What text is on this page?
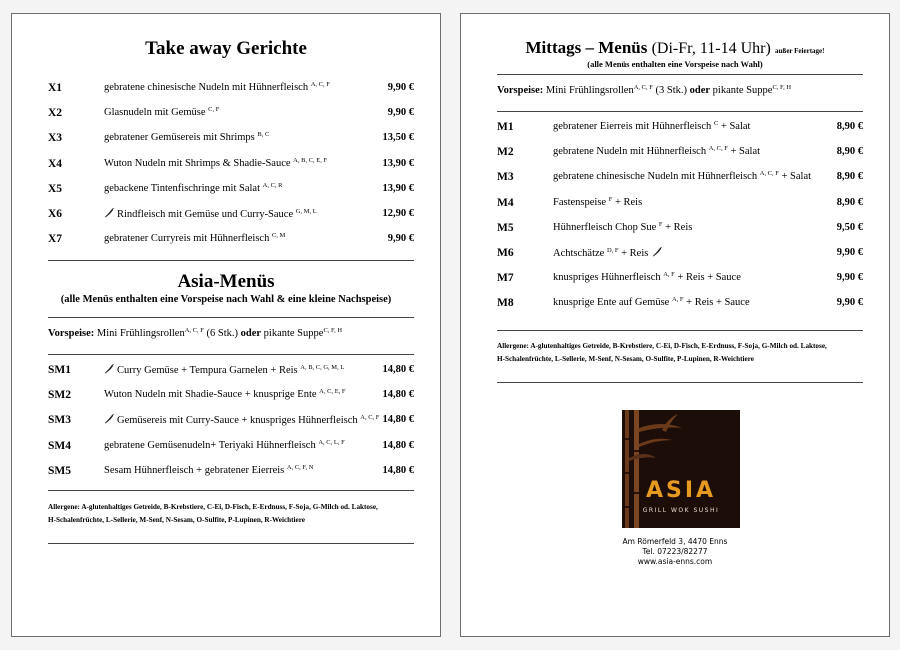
Take away Gerichte
X1	gebratene chinesische Nudeln mit Hühnerfleisch $^{A, C, F}$	9,90 €
X2	Glasnudeln mit Gemüse $^{C, F}$	9,90 €
X3	gebratener Gemüsereis mit Shrimps $^{B, C}$	13,50 €
X4	Wuton Nudeln mit Shrimps & Shadie-Sauce $^{A, B, C, E, F}$	13,90 €
X5	gebackene Tintenfischringe mit Salat $^{A, C, R}$	13,90 €
X6	Rindfleisch mit Gemüse und Curry-Sauce $^{G, M, L}$	12,90 €
X7	gebratener Curryreis mit Hühnerfleisch $^{C, M}$	9,90 €
Asia-Menüs
(alle Menüs enthalten eine Vorspeise nach Wahl & eine kleine Nachspeise)
Vorspeise: Mini Frühlingsrollen$^{A, C, F}$ (6 Stk.) oder pikante Suppe$^{C, F, H}$
SM1	Curry Gemüse + Tempura Garnelen + Reis $^{A, B, C, G, M, L}$	14,80 €
SM2	Wuton Nudeln mit Shadie-Sauce + knusprige Ente $^{A, C, E, F}$	14,80 €
SM3	Gemüsereis mit Curry-Sauce + knuspriges Hühnerfleisch $^{A, C, F}$ 14,80 €
SM4	gebratene Gemüsenudeln+ Teriyaki Hühnerfleisch $^{A, C, L, F}$	14,80 €
SM5	Sesam Hühnerfleisch + gebratener Eierreis $^{A, C, F, N}$	14,80 €
Allergene: A-glutenhaltiges Getreide, B-Krebstiere, C-Ei, D-Fisch, E-Erdnuss, F-Soja, G-Milch od. Laktose,
H-Schalenfrüchte, L-Sellerie, M-Senf, N-Sesam, O-Sulfite, P-Lupinen, R-Weichtiere
Mittags – Menüs (Di-Fr, 11-14 Uhr) außer Feiertage!
(alle Menüs enthalten eine Vorspeise nach Wahl)
Vorspeise: Mini Frühlingsrollen$^{A, C, F}$ (3 Stk.) oder pikante Suppe$^{C, F, H}$
M1	gebratener Eierreis mit Hühnerfleisch $^C$ + Salat	8,90 €
M2	gebratene Nudeln mit Hühnerfleisch $^{A, C, F}$ + Salat	8,90 €
M3	gebratene chinesische Nudeln mit Hühnerfleisch $^{A, C, F}$ + Salat 8,90 €
M4	Fastenspeise $^F$ + Reis	8,90 €
M5	Hühnerfleisch Chop Sue $^F$ + Reis	9,50 €
M6	Achtschätze $^{D, F}$ + Reis	9,90 €
M7	knuspriges Hühnerfleisch $^{A, F}$ + Reis + Sauce	9,90 €
M8	knusprige Ente auf Gemüse $^{A, F}$ + Reis + Sauce	9,90 €
Allergene: A-glutenhaltiges Getreide, B-Krebstiere, C-Ei, D-Fisch, E-Erdnuss, F-Soja, G-Milch od. Laktose,
H-Schalenfrüchte, L-Sellerie, M-Senf, N-Sesam, O-Sulfite, P-Lupinen, R-Weichtiere
ASIA
GRILL WOK SUSHI
Am Römerfeld 3, 4470 Enns
Tel. 07223/82277
www.asia-enns.com
